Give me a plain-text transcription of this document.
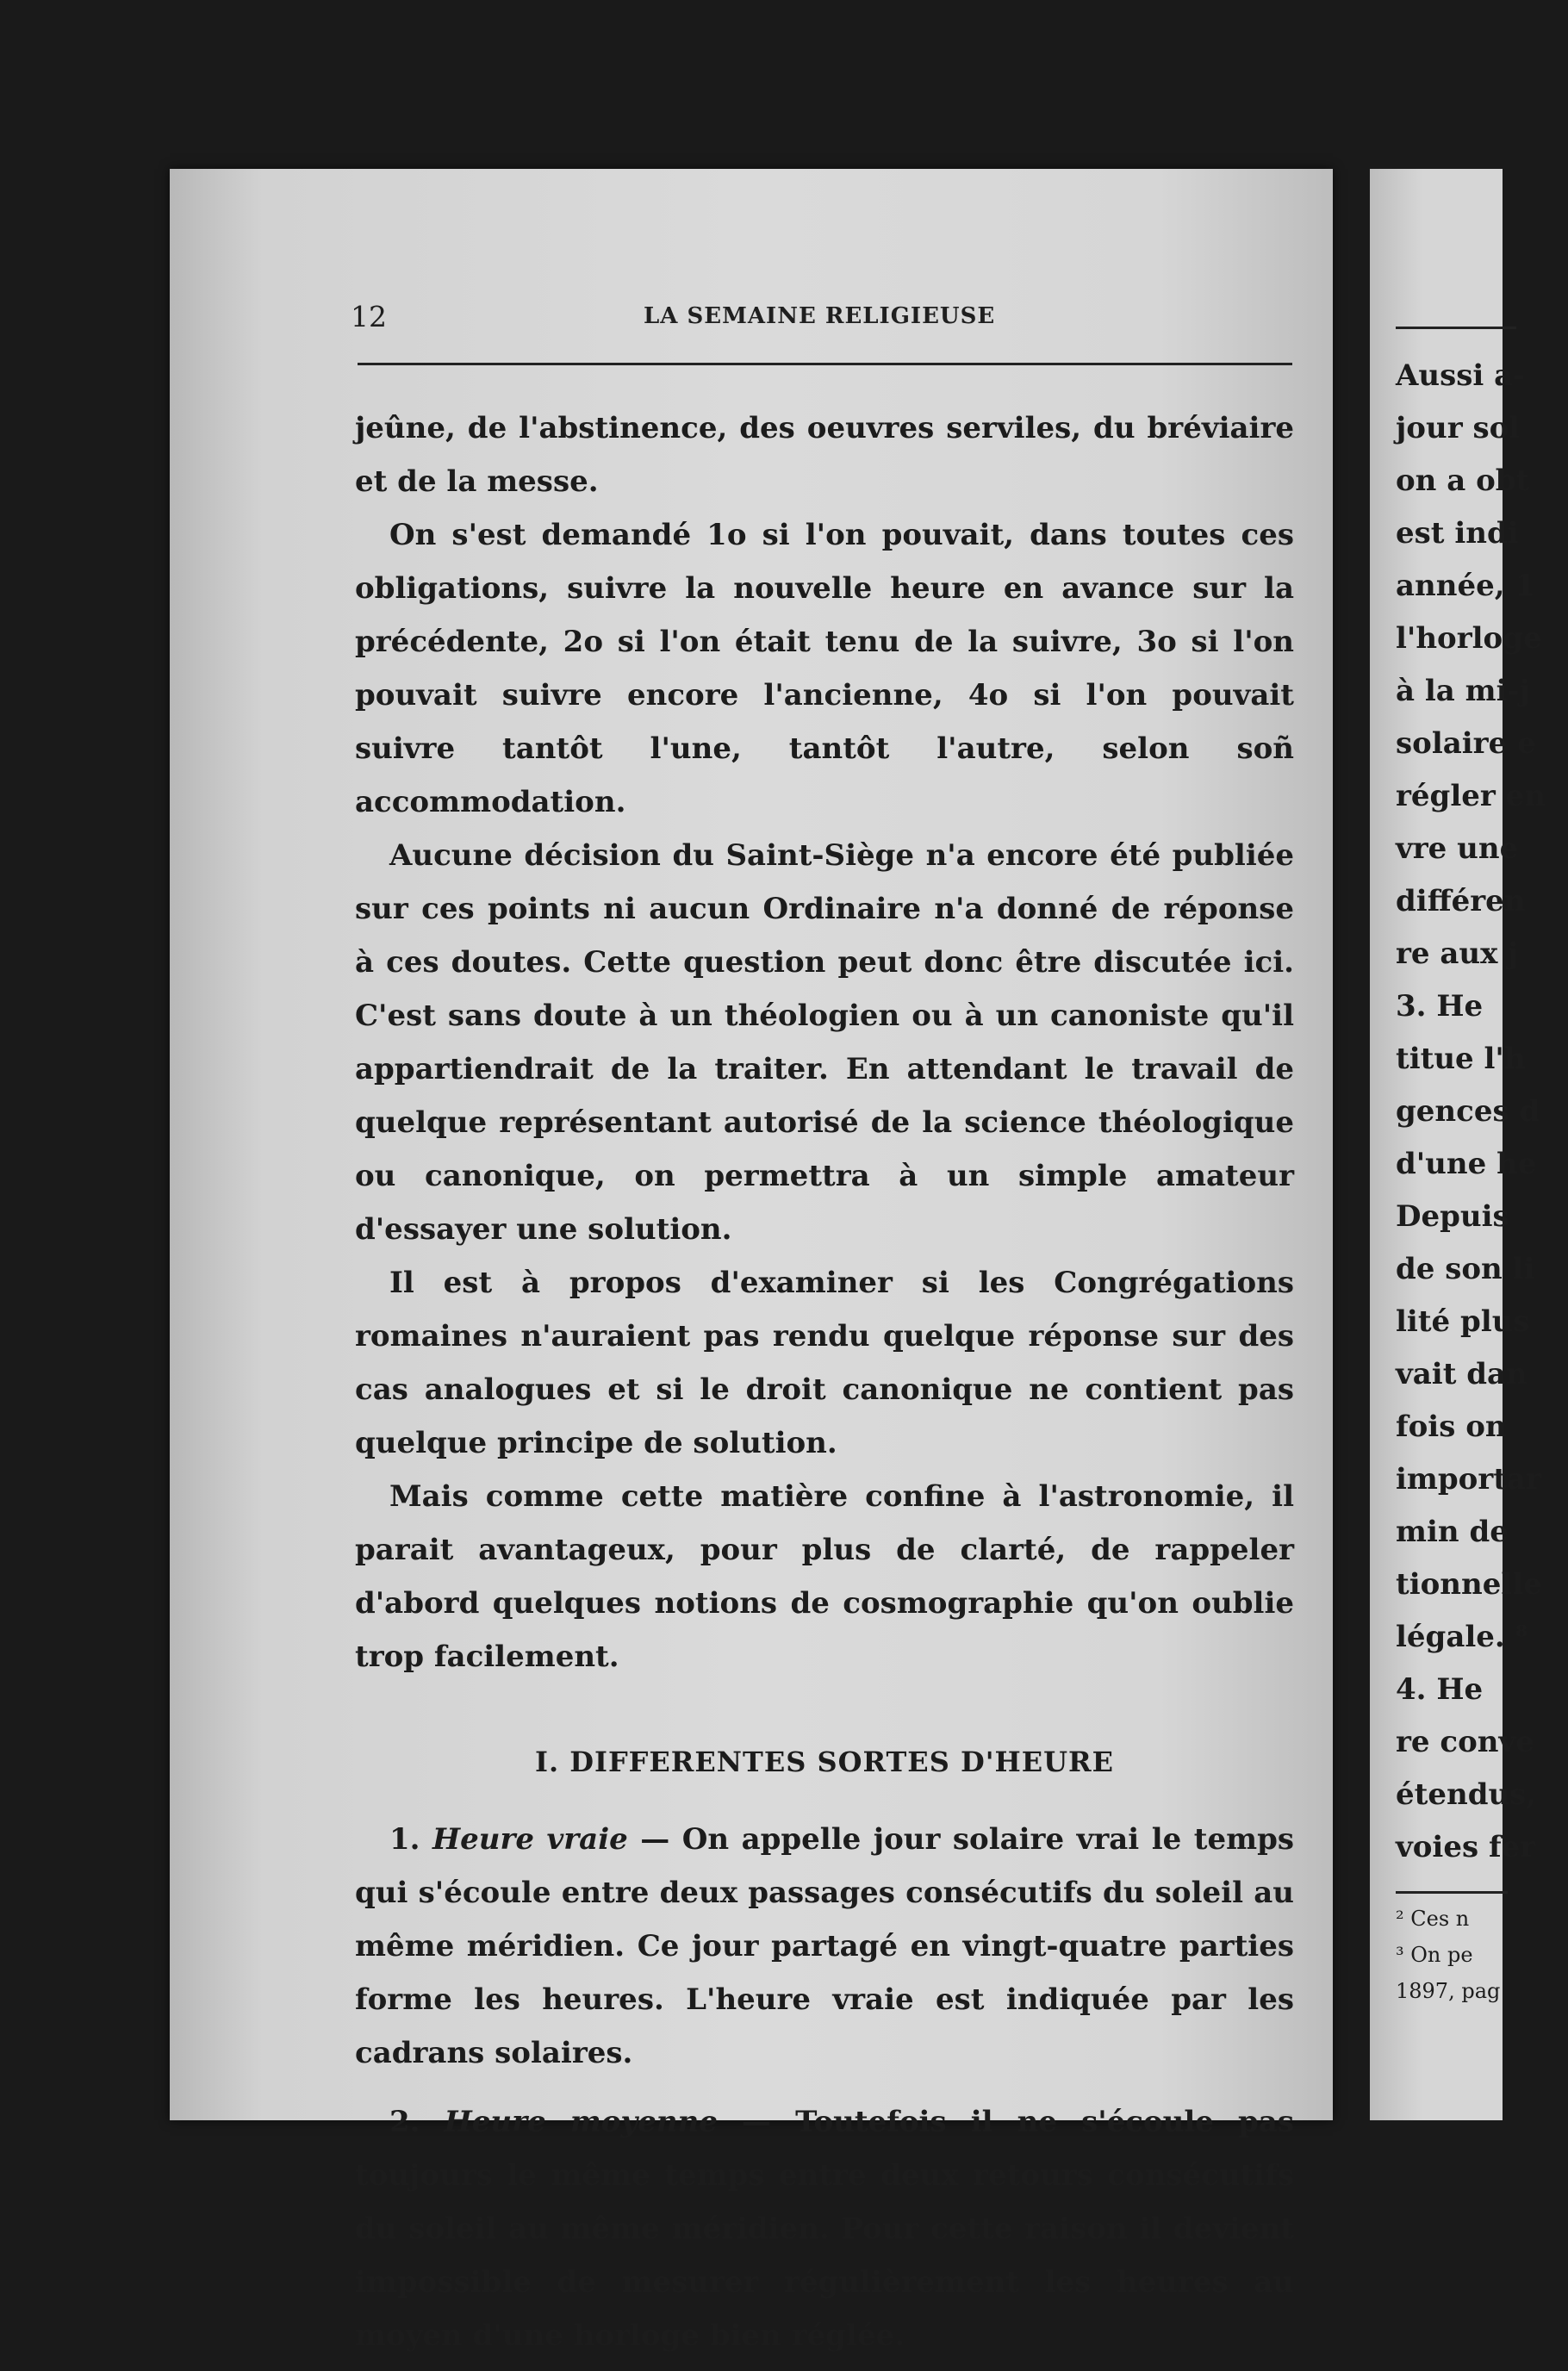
12	LA SEMAINE RELIGIEUSE

jeûne, de l'abstinence, des oeuvres serviles, du bréviaire et de la messe.

On s'est demandé 1o si l'on pouvait, dans toutes ces obligations, suivre la nouvelle heure en avance sur la précédente, 2o si l'on était tenu de la suivre, 3o si l'on pouvait suivre encore l'ancienne, 4o si l'on pouvait suivre tantôt l'une, tantôt l'autre, selon soñ accommodation.

Aucune décision du Saint-Siège n'a encore été publiée sur ces points ni aucun Ordinaire n'a donné de réponse à ces doutes. Cette question peut donc être discutée ici. C'est sans doute à un théologien ou à un canoniste qu'il appartiendrait de la traiter. En attendant le travail de quelque représentant autorisé de la science théologique ou canonique, on permettra à un simple amateur d'essayer une solution.

Il est à propos d'examiner si les Congrégations romaines n'auraient pas rendu quelque réponse sur des cas analogues et si le droit canonique ne contient pas quelque principe de solution.

Mais comme cette matière confine à l'astronomie, il parait avantageux, pour plus de clarté, de rappeler d'abord quelques notions de cosmographie qu'on oublie trop facilement.

I. DIFFERENTES SORTES D'HEURE

1. Heure vraie — On appelle jour solaire vrai le temps qui s'écoule entre deux passages consécutifs du soleil au même méridien. Ce jour partagé en vingt-quatre parties forme les heures. L'heure vraie est indiquée par les cadrans solaires.

2. Heure moyenne — Toutefois il ne s'écoule pas toujours le même temps entre deux retours consécutifs du soleil au même méridien. Pour cette raison il devient impossible de mesurer régulièrement les heures au moyen d'une horloge bien réglée.

Aussi a-
jour sol
on a obt
est indi
année, 1
l'horloge
à la mi-j
solaire e
régler en
vre une
différen
re aux j
3. He
titue l'h
gences d
d'une he
Depuis
de son li
lité plus
vait dan
fois on
importar
min de
tionnelle
légale. ⁸
4. He
re conve
étendus,
voies fer
² Ces n
³ On pe
1897, pag
